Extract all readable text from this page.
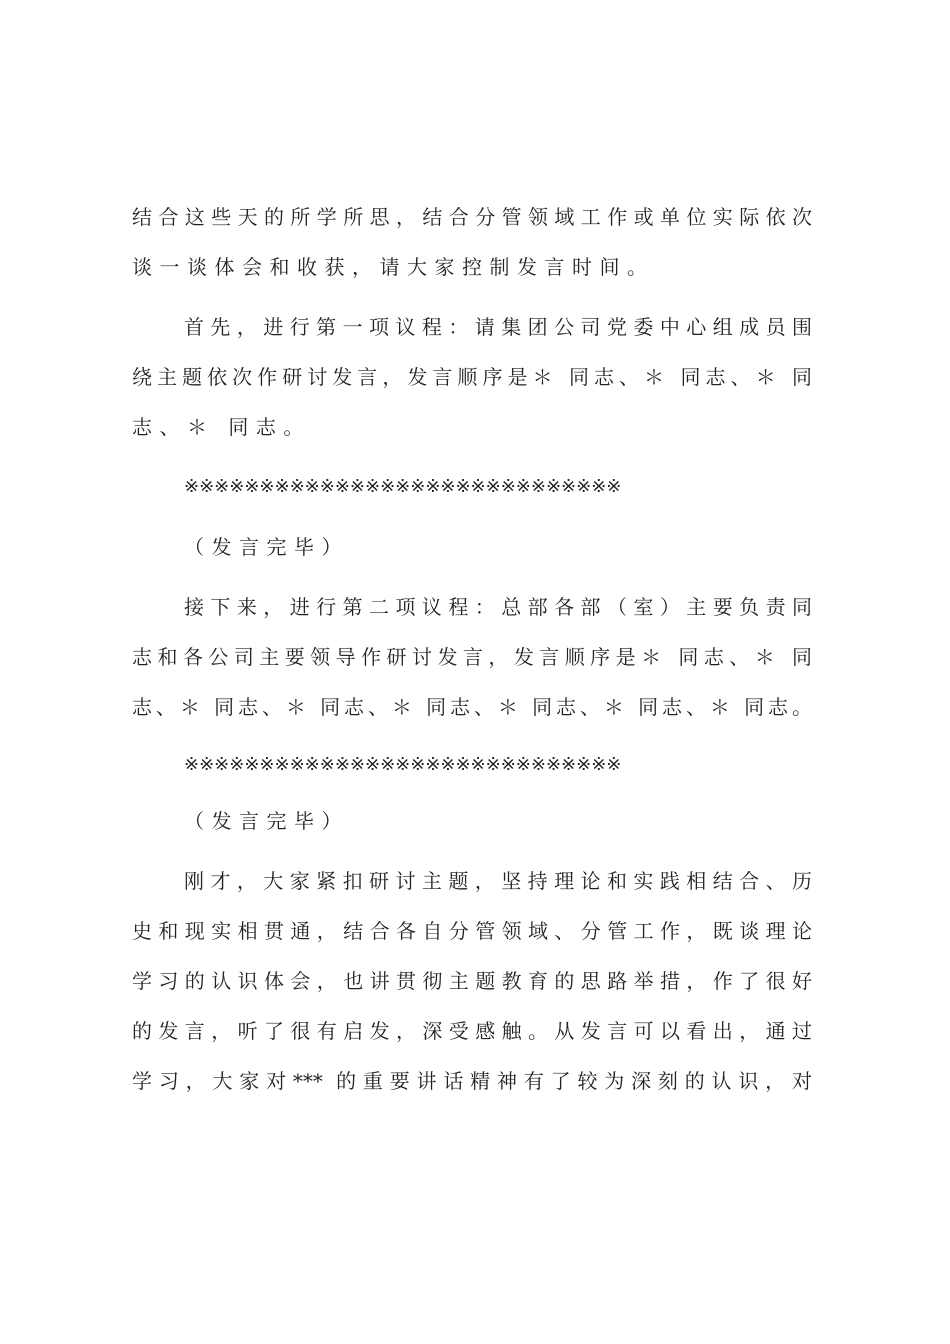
结合这些天的所学所思，结合分管领域工作或单位实际依次
谈一谈体会和收获，请大家控制发言时间。
首先，进行第一项议程：请集团公司党委中心组成员围
绕主题依次作研讨发言，发言顺序是＊ 同志、＊ 同志、＊ 同
志、＊ 同志。
※※※※※※※※※※※※※※※※※※※※※※※※※※※※※
（发言完毕）
接下来，进行第二项议程：总部各部（室）主要负责同
志和各公司主要领导作研讨发言，发言顺序是＊ 同志、＊ 同
志、＊ 同志、＊ 同志、＊ 同志、＊ 同志、＊ 同志、＊ 同志。
※※※※※※※※※※※※※※※※※※※※※※※※※※※※※
（发言完毕）
刚才，大家紧扣研讨主题，坚持理论和实践相结合、历
史和现实相贯通，结合各自分管领域、分管工作，既谈理论
学习的认识体会，也讲贯彻主题教育的思路举措，作了很好
的发言，听了很有启发，深受感触。从发言可以看出，通过
学习，大家对*** 的重要讲话精神有了较为深刻的认识，对
